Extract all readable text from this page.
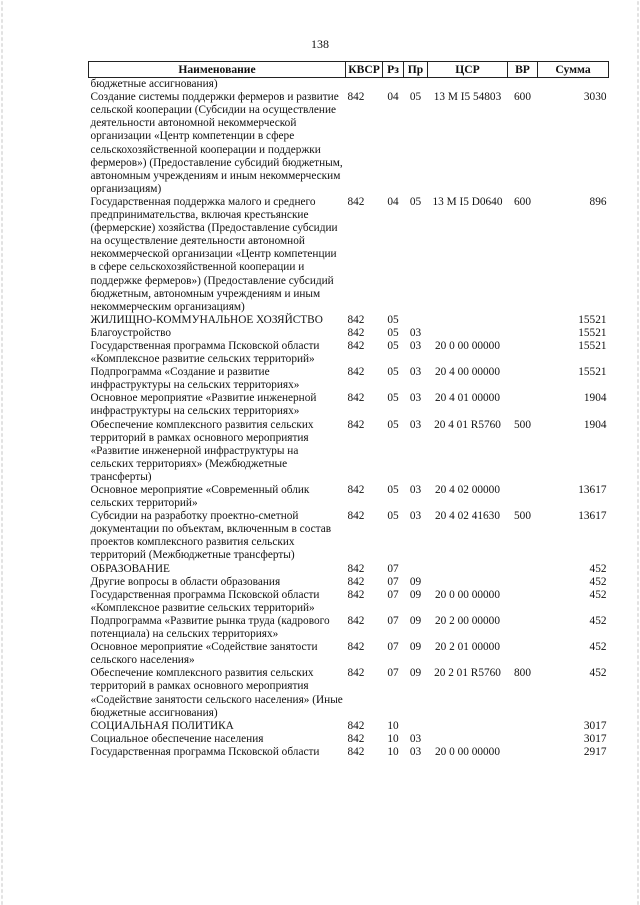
138
Наименование	КВСР	Рз	Пр	ЦСР	ВР	Сумма
бюджетные ассигнования)						
Создание системы поддержки фермеров и развитие сельской кооперации (Субсидии на осуществление деятельности автономной некоммерческой организации «Центр компетенции в сфере сельскохозяйственной кооперации и поддержки фермеров») (Предоставление субсидий бюджетным, автономным учреждениям и иным некоммерческим организациям)	842	04	05	13 М I5 54803	600	3030
Государственная поддержка малого и среднего предпринимательства, включая крестьянские (фермерские) хозяйства (Предоставление субсидии на осуществление деятельности автономной некоммерческой организации «Центр компетенции в сфере сельскохозяйственной кооперации и поддержке фермеров») (Предоставление субсидий бюджетным, автономным учреждениям и иным некоммерческим организациям)	842	04	05	13 М I5 D0640	600	896
ЖИЛИЩНО-КОММУНАЛЬНОЕ ХОЗЯЙСТВО	842	05				15521
Благоустройство	842	05	03			15521
Государственная программа Псковской области «Комплексное развитие сельских территорий»	842	05	03	20 0 00 00000		15521
Подпрограмма «Создание и развитие инфраструктуры на сельских территориях»	842	05	03	20 4 00 00000		15521
Основное мероприятие «Развитие инженерной инфраструктуры на сельских территориях»	842	05	03	20 4 01 00000		1904
Обеспечение комплексного развития сельских территорий в рамках основного мероприятия «Развитие инженерной инфраструктуры на сельских территориях» (Межбюджетные трансферты)	842	05	03	20 4 01 R5760	500	1904
Основное мероприятие «Современный облик сельских территорий»	842	05	03	20 4 02 00000		13617
Субсидии на разработку проектно-сметной документации по объектам, включенным в состав проектов комплексного развития сельских территорий (Межбюджетные трансферты)	842	05	03	20 4 02 41630	500	13617
ОБРАЗОВАНИЕ	842	07				452
Другие вопросы в области образования	842	07	09			452
Государственная программа Псковской области «Комплексное развитие сельских территорий»	842	07	09	20 0 00 00000		452
Подпрограмма «Развитие рынка труда (кадрового потенциала) на сельских территориях»	842	07	09	20 2 00 00000		452
Основное мероприятие «Содействие занятости сельского населения»	842	07	09	20 2 01 00000		452
Обеспечение комплексного развития сельских территорий в рамках основного мероприятия «Содействие занятости сельского населения» (Иные бюджетные ассигнования)	842	07	09	20 2 01 R5760	800	452
СОЦИАЛЬНАЯ ПОЛИТИКА	842	10				3017
Социальное обеспечение населения	842	10	03			3017
Государственная программа Псковской области	842	10	03	20 0 00 00000		2917
